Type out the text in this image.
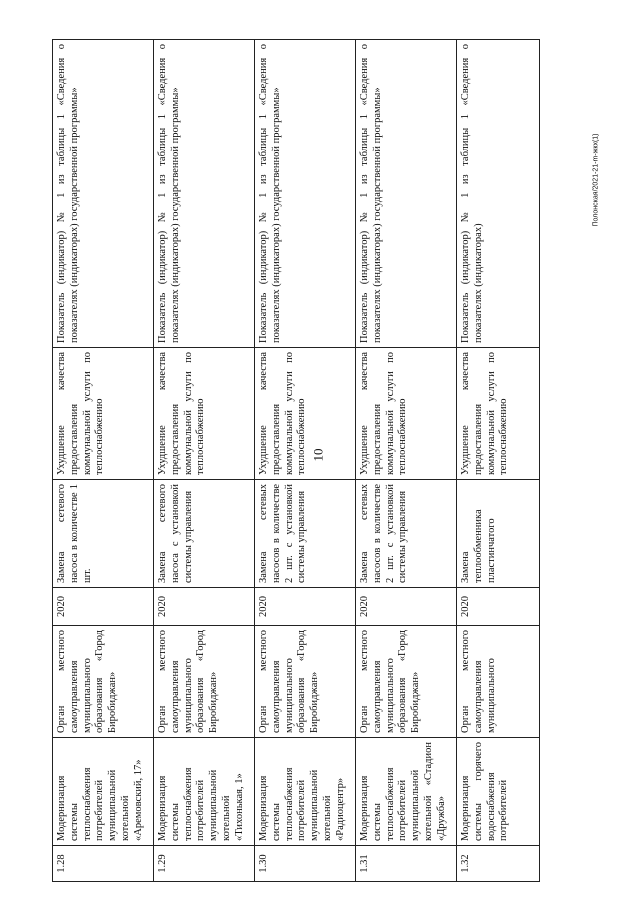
10
Полонская/2021-21-m-жкх(1)
1.28	Модернизация системы теплоснабжения потребителей муниципальной котельной «Аремовский, 17»	Орган местного самоуправления муниципального образования «Город Биробиджан»	2020	Замена сетевого насоса в количестве 1 шт.	Ухудшение качества предоставления коммунальной услуги по теплоснабжению	Показатель (индикатор) № 1 из таблицы 1 «Сведения о показателях (индикаторах) государственной программы»
1.29	Модернизация системы теплоснабжения потребителей муниципальной котельной «Тихонькая, 1»	Орган местного самоуправления муниципального образования «Город Биробиджан»	2020	Замена сетевого насоса с установкой системы управления	Ухудшение качества предоставления коммунальной услуги по теплоснабжению	Показатель (индикатор) № 1 из таблицы 1 «Сведения о показателях (индикаторах) государственной программы»
1.30	Модернизация системы теплоснабжения потребителей муниципальной котельной «Радиоцентр»	Орган местного самоуправления муниципального образования «Город Биробиджан»	2020	Замена сетевых насосов в количестве 2 шт. с установкой системы управления	Ухудшение качества предоставления коммунальной услуги по теплоснабжению	Показатель (индикатор) № 1 из таблицы 1 «Сведения о показателях (индикаторах) государственной программы»
1.31	Модернизация системы теплоснабжения потребителей муниципальной котельной «Стадион «Дружба»	Орган местного самоуправления муниципального образования «Город Биробиджан»	2020	Замена сетевых насосов в количестве 2 шт. с установкой системы управления	Ухудшение качества предоставления коммунальной услуги по теплоснабжению	Показатель (индикатор) № 1 из таблицы 1 «Сведения о показателях (индикаторах) государственной программы»
1.32	Модернизация системы горячего водоснабжения потребителей	Орган местного самоуправления муниципального	2020	Замена теплообменника пластинчатого	Ухудшение качества предоставления коммунальной услуги по теплоснабжению	Показатель (индикатор) № 1 из таблицы 1 «Сведения о показателях (индикаторах)
